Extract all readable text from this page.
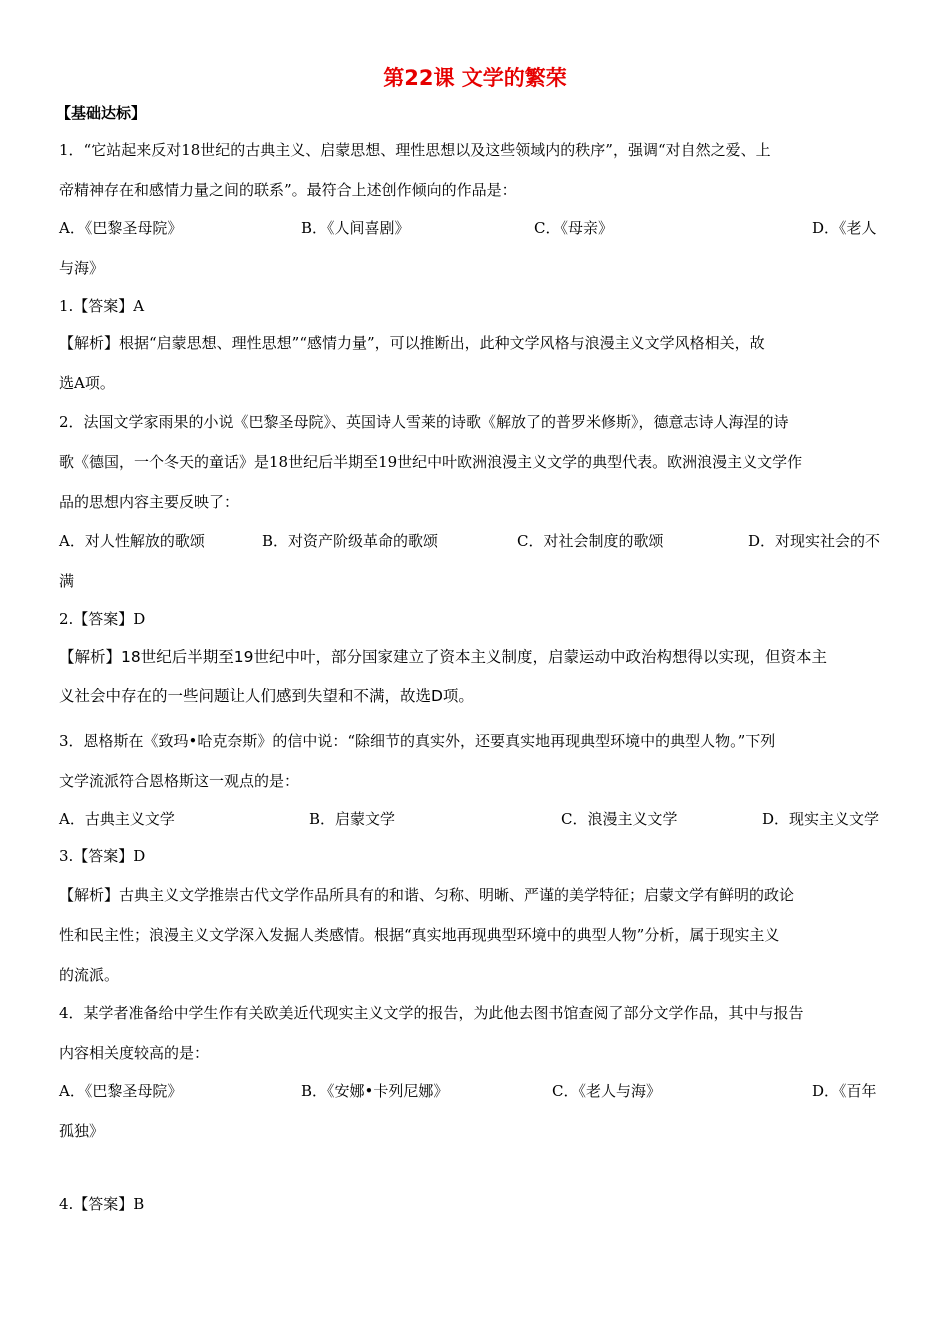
第22课 文学的繁荣
【基础达标】
1．“它站起来反对18世纪的古典主义、启蒙思想、理性思想以及这些领域内的秩序”，强调“对自然之爱、上
帝精神存在和感情力量之间的联系”。最符合上述创作倾向的作品是：
A．《巴黎圣母院》	B．《人间喜剧》	C．《母亲》	D．《老人
与海》
1.【答案】A
【解析】根据“启蒙思想、理性思想”“感情力量”，可以推断出，此种文学风格与浪漫主义文学风格相关，故
选A项。
2．法国文学家雨果的小说《巴黎圣母院》、英国诗人雪莱的诗歌《解放了的普罗米修斯》，德意志诗人海涅的诗
歌《德国，一个冬天的童话》是18世纪后半期至19世纪中叶欧洲浪漫主义文学的典型代表。欧洲浪漫主义文学作
品的思想内容主要反映了：
A．对人性解放的歌颂	B．对资产阶级革命的歌颂	C．对社会制度的歌颂	D．对现实社会的不
满
2.【答案】D
【解析】18世纪后半期至19世纪中叶，部分国家建立了资本主义制度，启蒙运动中政治构想得以实现，但资本主
义社会中存在的一些问题让人们感到失望和不满，故选D项。
3．恩格斯在《致玛•哈克奈斯》的信中说：“除细节的真实外，还要真实地再现典型环境中的典型人物。”下列
文学流派符合恩格斯这一观点的是：
A．古典主义文学	B．启蒙文学	C．浪漫主义文学	D．现实主义文学
3.【答案】D
【解析】古典主义文学推崇古代文学作品所具有的和谐、匀称、明晰、严谨的美学特征；启蒙文学有鲜明的政论
性和民主性；浪漫主义文学深入发掘人类感情。根据“真实地再现典型环境中的典型人物”分析，属于现实主义
的流派。
4．某学者准备给中学生作有关欧美近代现实主义文学的报告，为此他去图书馆查阅了部分文学作品，其中与报告
内容相关度较高的是：
A．《巴黎圣母院》	B．《安娜•卡列尼娜》	C．《老人与海》	D．《百年
孤独》
4.【答案】B
